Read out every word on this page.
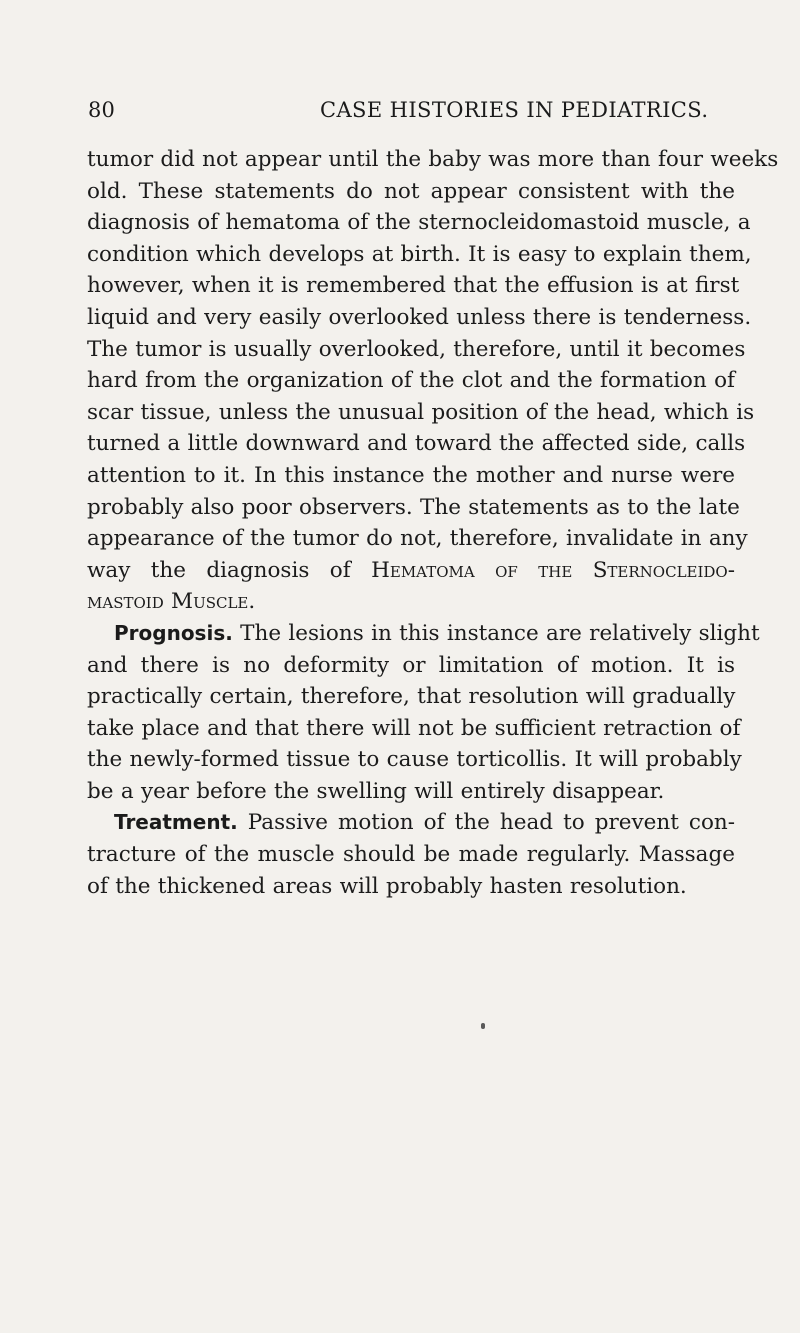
80	CASE HISTORIES IN PEDIATRICS.
tumor did not appear until the baby was more than four weeks
old. These statements do not appear consistent with the
diagnosis of hematoma of the sternocleidomastoid muscle, a
condition which develops at birth. It is easy to explain them,
however, when it is remembered that the effusion is at first
liquid and very easily overlooked unless there is tenderness.
The tumor is usually overlooked, therefore, until it becomes
hard from the organization of the clot and the formation of
scar tissue, unless the unusual position of the head, which is
turned a little downward and toward the affected side, calls
attention to it. In this instance the mother and nurse were
probably also poor observers. The statements as to the late
appearance of the tumor do not, therefore, invalidate in any
way the diagnosis of Hematoma of the Sternocleido-
mastoid Muscle.
Prognosis. The lesions in this instance are relatively slight
and there is no deformity or limitation of motion. It is
practically certain, therefore, that resolution will gradually
take place and that there will not be sufficient retraction of
the newly-formed tissue to cause torticollis. It will probably
be a year before the swelling will entirely disappear.
Treatment. Passive motion of the head to prevent con-
tracture of the muscle should be made regularly. Massage
of the thickened areas will probably hasten resolution.
